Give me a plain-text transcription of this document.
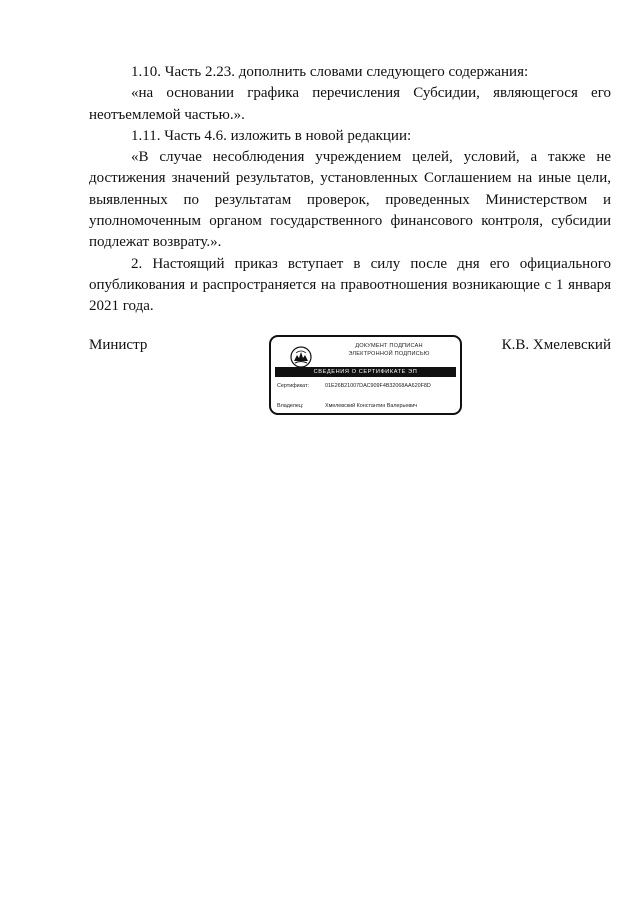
1.10. Часть 2.23. дополнить словами следующего содержания:

«на основании графика перечисления Субсидии, являющегося его неотъемлемой частью.».

1.11. Часть 4.6. изложить в новой редакции:

«В случае несоблюдения учреждением целей, условий, а также не достижения значений результатов, установленных Соглашением на иные цели, выявленных по результатам проверок, проведенных Министерством и уполномоченным органом государственного финансового контроля, субсидии подлежат возврату.».

2. Настоящий приказ вступает в силу после дня его официального опубликования и распространяется на правоотношения возникающие с 1 января 2021 года.

Министр	ДОКУМЕНТ ПОДПИСАН
ЭЛЕКТРОННОЙ ПОДПИСЬЮ
СВЕДЕНИЯ О СЕРТИФИКАТЕ ЭП
Сертификат:	01E26B21007DAC909F4B32068AA620F8D
Владелец:	Хмелевский Константин Валерьевич
К.В. Хмелевский
